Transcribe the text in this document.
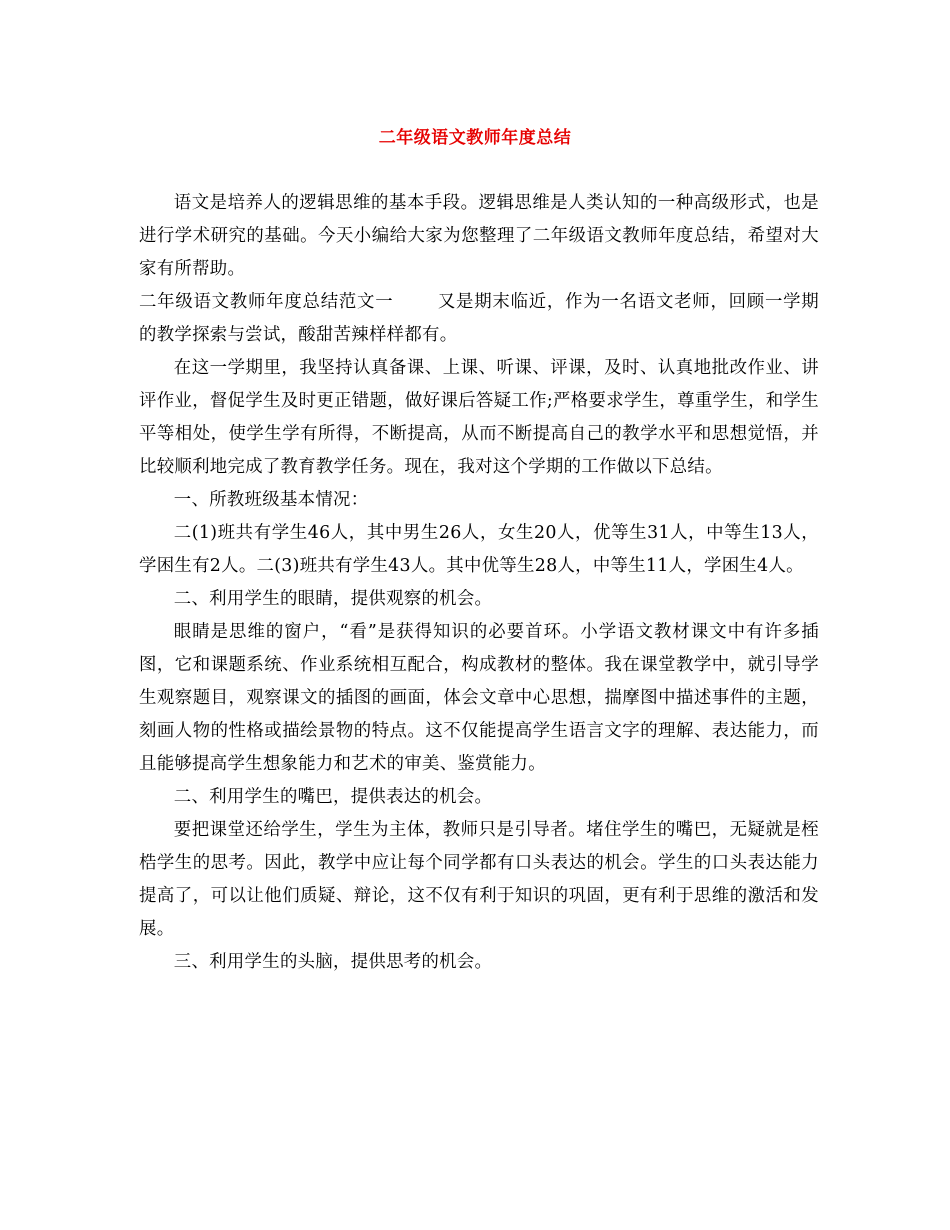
二年级语文教师年度总结

语文是培养人的逻辑思维的基本手段。逻辑思维是人类认知的一种高级形式，也是进行学术研究的基础。今天小编给大家为您整理了二年级语文教师年度总结，希望对大家有所帮助。

二年级语文教师年度总结范文一	又是期末临近，作为一名语文老师，回顾一学期的教学探索与尝试，酸甜苦辣样样都有。

在这一学期里，我坚持认真备课、上课、听课、评课，及时、认真地批改作业、讲评作业，督促学生及时更正错题，做好课后答疑工作;严格要求学生，尊重学生，和学生平等相处，使学生学有所得，不断提高，从而不断提高自己的教学水平和思想觉悟，并比较顺利地完成了教育教学任务。现在，我对这个学期的工作做以下总结。

一、所教班级基本情况：

二(1)班共有学生46人，其中男生26人，女生20人，优等生31人，中等生13人，学困生有2人。二(3)班共有学生43人。其中优等生28人，中等生11人，学困生4人。

二、利用学生的眼睛，提供观察的机会。

眼睛是思维的窗户，“看”是获得知识的必要首环。小学语文教材课文中有许多插图，它和课题系统、作业系统相互配合，构成教材的整体。我在课堂教学中，就引导学生观察题目，观察课文的插图的画面，体会文章中心思想，揣摩图中描述事件的主题，刻画人物的性格或描绘景物的特点。这不仅能提高学生语言文字的理解、表达能力，而且能够提高学生想象能力和艺术的审美、鉴赏能力。

二、利用学生的嘴巴，提供表达的机会。

要把课堂还给学生，学生为主体，教师只是引导者。堵住学生的嘴巴，无疑就是桎梏学生的思考。因此，教学中应让每个同学都有口头表达的机会。学生的口头表达能力提高了，可以让他们质疑、辩论，这不仅有利于知识的巩固，更有利于思维的激活和发展。

三、利用学生的头脑，提供思考的机会。
